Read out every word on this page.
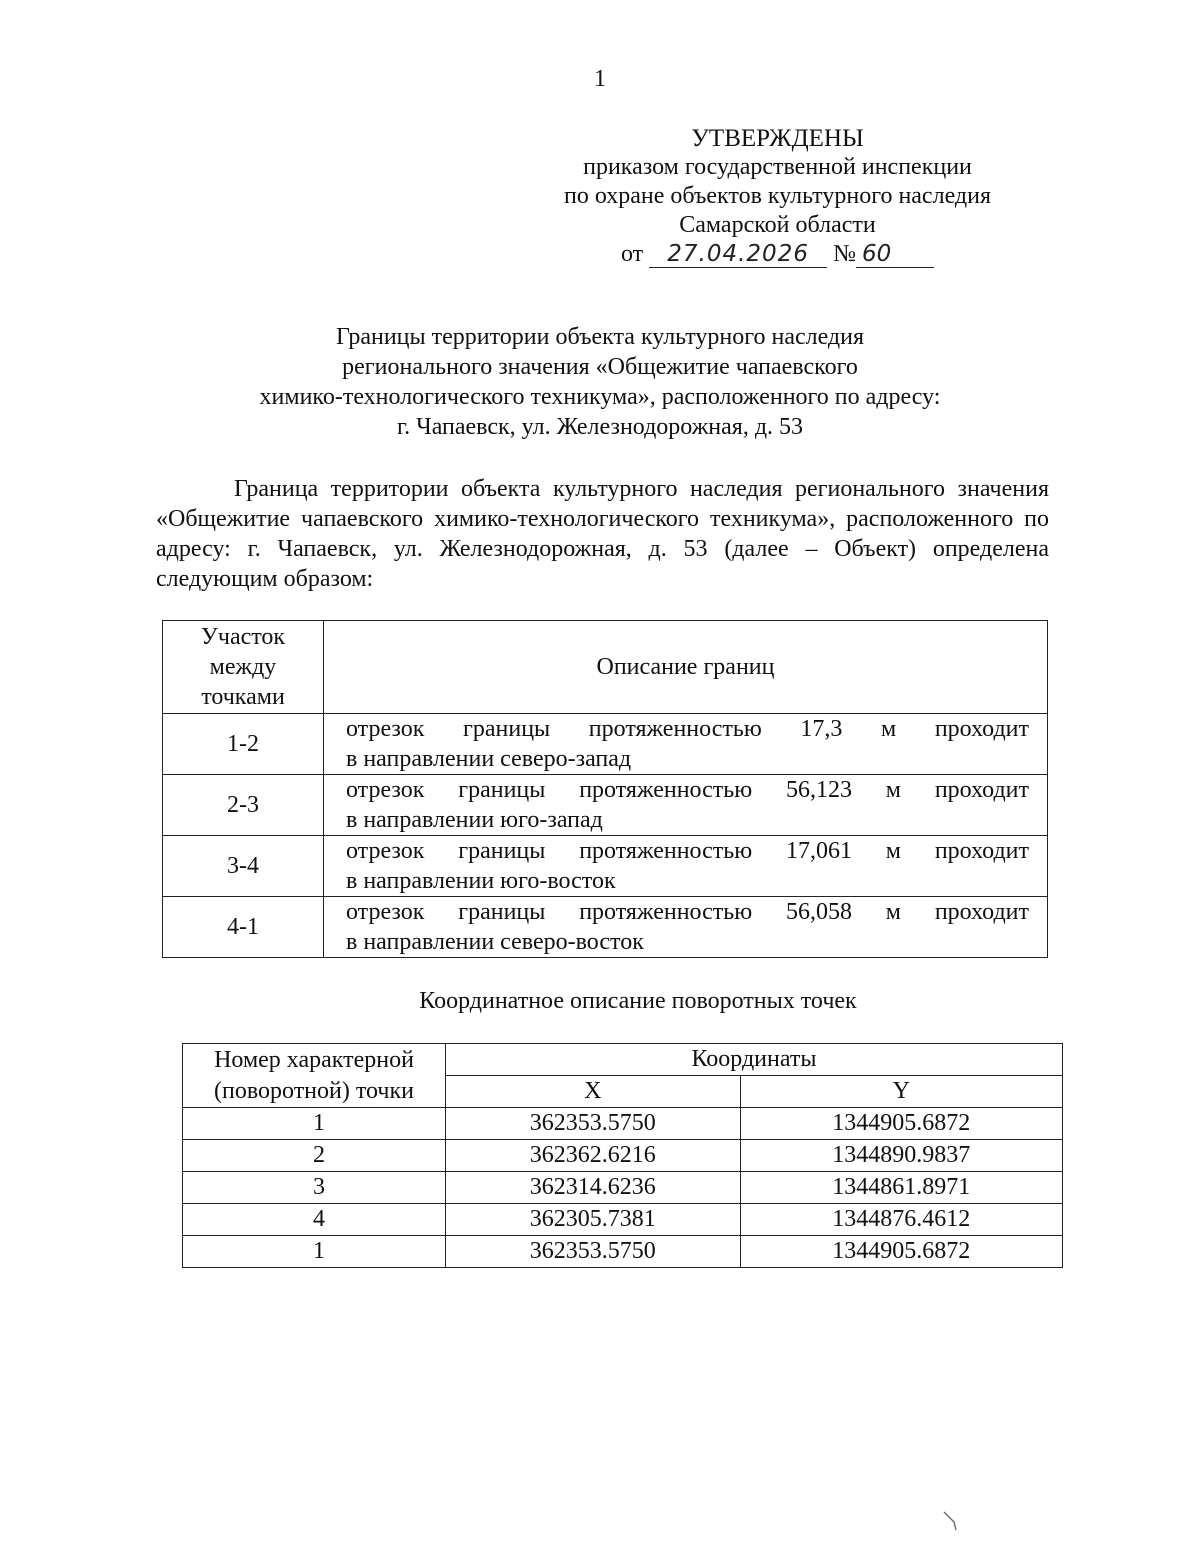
1
УТВЕРЖДЕНЫ
приказом государственной инспекции
по охране объектов культурного наследия
Самарской области
от 27.04.2026 № 60
Границы территории объекта культурного наследия
регионального значения «Общежитие чапаевского
химико-технологического техникума», расположенного по адресу:
г. Чапаевск, ул. Железнодорожная, д. 53
Граница территории объекта культурного наследия регионального значения «Общежитие чапаевского химико-технологического техникума», расположенного по адресу: г. Чапаевск, ул. Железнодорожная, д. 53 (далее – Объект) определена следующим образом:
Участок между точками	Описание границ
1-2	отрезок границы протяженностью 17,3 м проходит
в направлении северо-запад

2-3	отрезок границы протяженностью 56,123 м проходит
в направлении юго-запад

3-4	отрезок границы протяженностью 17,061 м проходит
в направлении юго-восток

4-1	отрезок границы протяженностью 56,058 м проходит
в направлении северо-восток
Координатное описание поворотных точек
Номер характерной (поворотной) точки	Координаты	
	X	Y
1	362353.5750	1344905.6872
2	362362.6216	1344890.9837
3	362314.6236	1344861.8971
4	362305.7381	1344876.4612
1	362353.5750	1344905.6872
